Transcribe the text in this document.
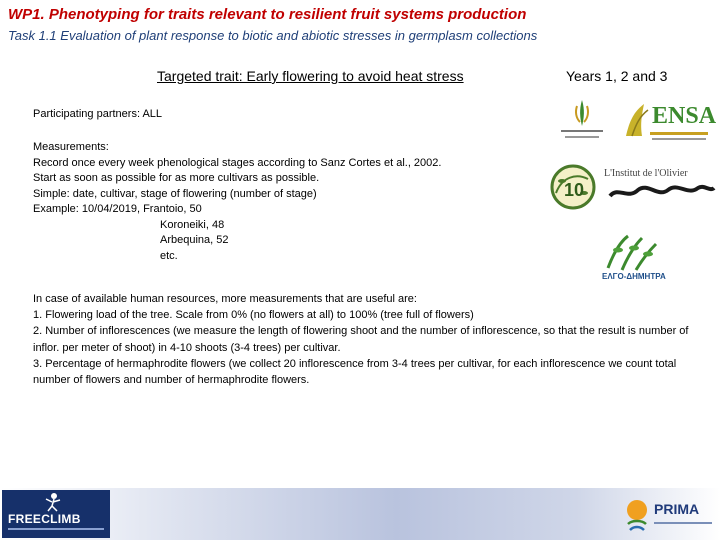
WP1. Phenotyping for traits relevant to resilient fruit systems production
Task 1.1 Evaluation of plant response to biotic and abiotic stresses in germplasm collections
Targeted trait: Early flowering to avoid heat stress	Years 1, 2 and 3
Participating partners: ALL
Measurements:
Record once every week phenological stages according to Sanz Cortes et al., 2002.
Start as soon as possible for as more cultivars as possible.
Simple: date, cultivar, stage of flowering (number of stage)
Example: 10/04/2019, Frantoio, 50
Koroneiki, 48
Arbequina, 52
etc.
In case of available human resources, more measurements that are useful are:
1. Flowering load of the tree. Scale from 0% (no flowers at all) to 100% (tree full of flowers)
2. Number of inflorescences (we measure the length of flowering shoot and the number of inflorescence, so that the result is number of inflor. per meter of shoot) in 4-10 shoots (3-4 trees) per cultivar.
3. Percentage of hermaphrodite flowers (we collect 20 inflorescence from 3-4 trees per cultivar, for each inflorescence we count total number of flowers and number of hermaphrodite flowers.
ENSA
10
L'Institut de l'Olivier
ΕΛΓΟ-ΔΗΜΗΤΡΑ
FREECLIMB
PRIMA
